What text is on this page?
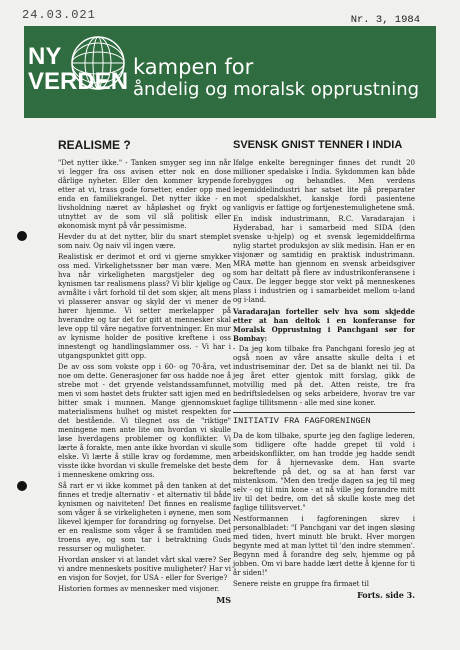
24.03.021	Nr. 3, 1984
NY
VERDEN
kampen for
åndelig og moralsk opprustning
REALISME ?

"Det nytter ikke." - Tanken smyger seg inn når vi legger fra oss avisen etter nok en dose dårlige nyheter. Eller den kommer krypende etter at vi, trass gode forsetter, ender opp med enda en familiekrangel. Det nytter ikke - en livsholdning næret av håpløshet og frykt og utnyttet av de som vil slå politisk eller økonomisk mynt på vår pessimisme.

Hevder du at det nytter, blir du snart stemplet som naiv. Og naiv vil ingen være.

Realistisk er derimot et ord vi gjerne smykker oss med. Virkelighetssner bør man være. Men hva når virkeligheten margstjeler deg og kynismen tar realismens plass? Vi blir kjølige og avmålte i vårt forhold til det som skjer, alt mens vi plasserer ansvar og skyld der vi mener de hører hjemme. Vi setter merkelapper på hverandre og tar det for gitt at mennesker skal leve opp til våre negative forventninger. En mur av kynisme holder de positive kreftene i oss innestengt og handlingslammer oss. - Vi har i utgangspunktet gitt opp.

De av oss som vokste opp i 60- og 70-åra, vet noe om dette. Generasjoner før oss hadde noe å strebe mot - det gryende velstandssamfunnet, men vi som høstet dets frukter satt igjen med en bitter smak i munnen. Mange gjennomskuet materialismens hulhet og mistet respekten for det bestående. Vi tilegnet oss de "riktige" meningene men ante lite om hvordan vi skulle løse hverdagens problemer og konflikter. Vi lærte å forakte, men ante ikke hvordan vi skulle elske. Vi lærte å stille krav og fordømme, men visste ikke hvordan vi skulle fremelske det beste i menneskene omkring oss.

Så rart er vi ikke kommet på den tanken at det finnes et tredje alternativ - et alternativ til både kynismen og naiviteten! Det finnes en realisme som våger å se virkeligheten i øynene, men som likevel kjemper for forandring og fornyelse. Det er en realisme som våger å se framtiden med troens øye, og som tar i betraktning Guds ressurser og muligheter.

Hvordan ønsker vi at landet vårt skal være? Ser vi andre menneskets positive muligheter? Har vi en visjon for Sovjet, for USA - eller for Sverige?

Historien formes av mennesker med visjoner.

MS
SVENSK GNIST TENNER I INDIA

Ifølge enkelte beregninger finnes det rundt 20 millioner spedalske i India. Sykdommen kan både forebygges og behandles. Men verdens legemiddelindustri har satset lite på preparater mot spedalskhet, kanskje fordi pasientene vanligvis er fattige og fortjenestemulighetene små.

En indisk industrimann, R.C. Varadarajan i Hyderabad, har i samarbeid med SIDA (den svenske u-hjelp) og et svensk legemiddelfirma nylig startet produksjon av slik medisin. Han er en visjonær og samtidig en praktisk industrimann. MRA møtte han gjennom en svensk arbeidsgiver som har deltatt på flere av industrikonferansene i Caux. De legger begge stor vekt på menneskenes plass i industrien og i samarbeidet mellom u-land og i-land.

Varadarajan forteller selv hva som skjedde etter at han deltok i en konferanse for Moralsk Opprustning i Panchgani sør for Bombay:

- Da jeg kom tilbake fra Panchgani foreslo jeg at også noen av våre ansatte skulle delta i et industriseminar der. Det sa de blankt nei til. Da jeg året etter gjentok mitt forslag, gikk de motvillig med på det. Atten reiste, tre fra bedriftsledelsen og seks arbeidere, hvorav tre var fagligе tillitsmenn - alle med sine koner.

INITIATIV FRA FAGFORENINGEN

Da de kom tilbake, spurte jeg den faglige lederen, som tidligere ofte hadde grepet til vold i arbeidskonflikter, om han trodde jeg hadde sendt dem for å hjernevaske dem. Han svarte bekreftende på det, og sa at han først var mistenksom. "Men den tredje dagen sa jeg til meg selv - og til min kone - at nå ville jeg forandre mitt liv til det bedre, om det så skulle koste meg det faglige tillitsvervet."

Nestformannen i fagforeningen skrev i personalbladet: "I Panchgani var det ingen sløsing med tiden, hvert minutt ble brukt. Hver morgen begynte med at man lyttet til 'den indre stemmen'. Begynn med å forandre deg selv, hjemme og på jobben. Om vi bare hadde lært dette å kjenne for ti år siden!"

Senere reiste en gruppe fra firmaet til

Forts. side 3.
